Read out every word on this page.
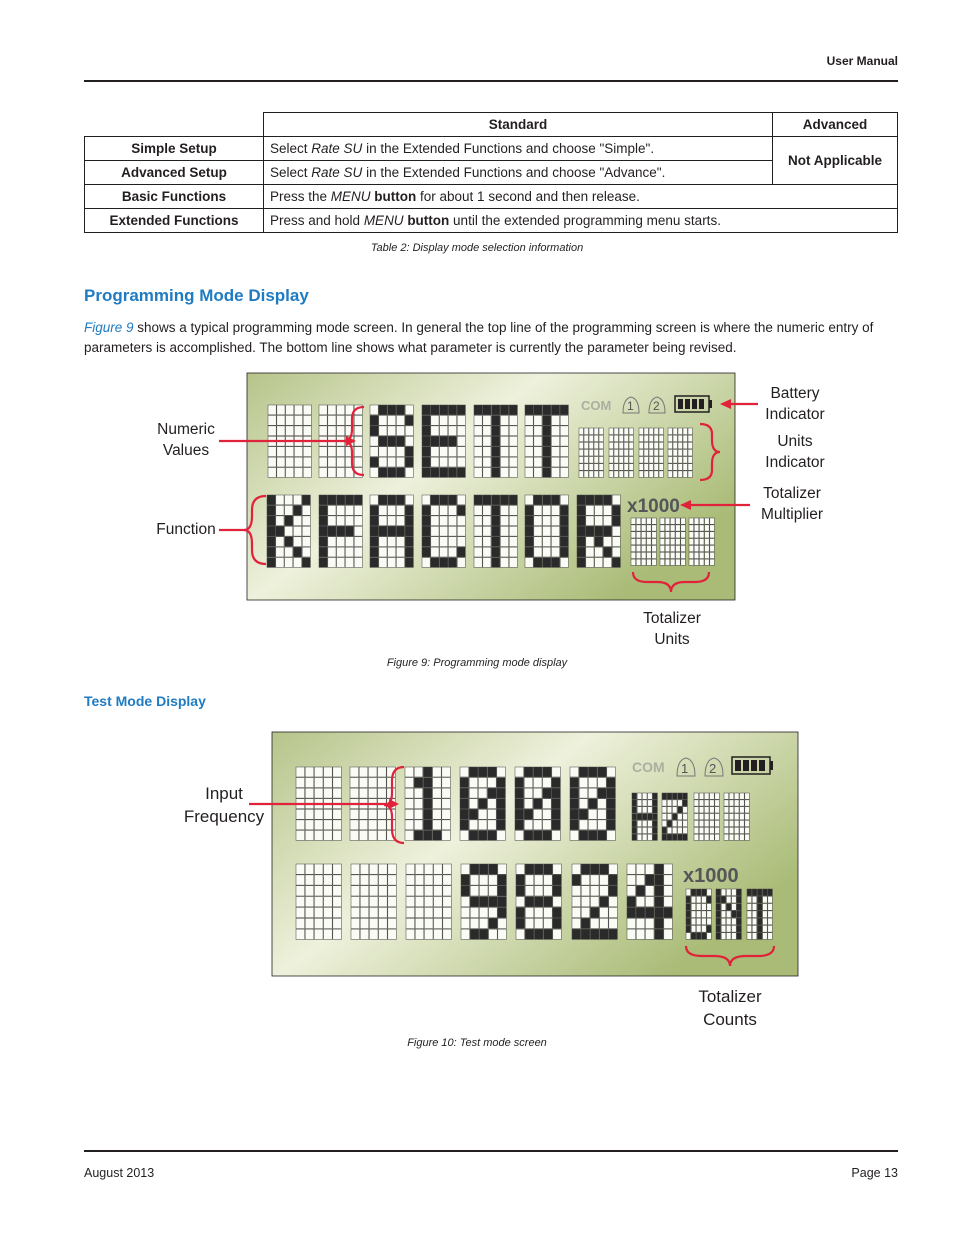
User Manual
	Standard	Advanced
Simple Setup	Select Rate SU in the Extended Functions and choose "Simple".	Not Applicable
Advanced Setup	Select Rate SU in the Extended Functions and choose "Advance".	
Basic Functions	Press the MENU button for about 1 second and then release.	
Extended Functions	Press and hold MENU button until the extended programming menu starts.	
Table 2: Display mode selection information
Programming Mode Display
Figure 9 shows a typical programming mode screen. In general the top line of the programming screen is where the numeric entry of parameters is accomplished. The bottom line shows what parameter is currently the parameter being revised.
COM 1 2
x1000
COM 1 2
x1000
Numeric
Values
Function
Battery
Indicator
Units
Indicator
Totalizer
Multiplier
Totalizer
Units
Figure 9: Programming mode display
Test Mode Display
Input
Frequency
Totalizer
Counts
Figure 10: Test mode screen
August 2013	Page 13
